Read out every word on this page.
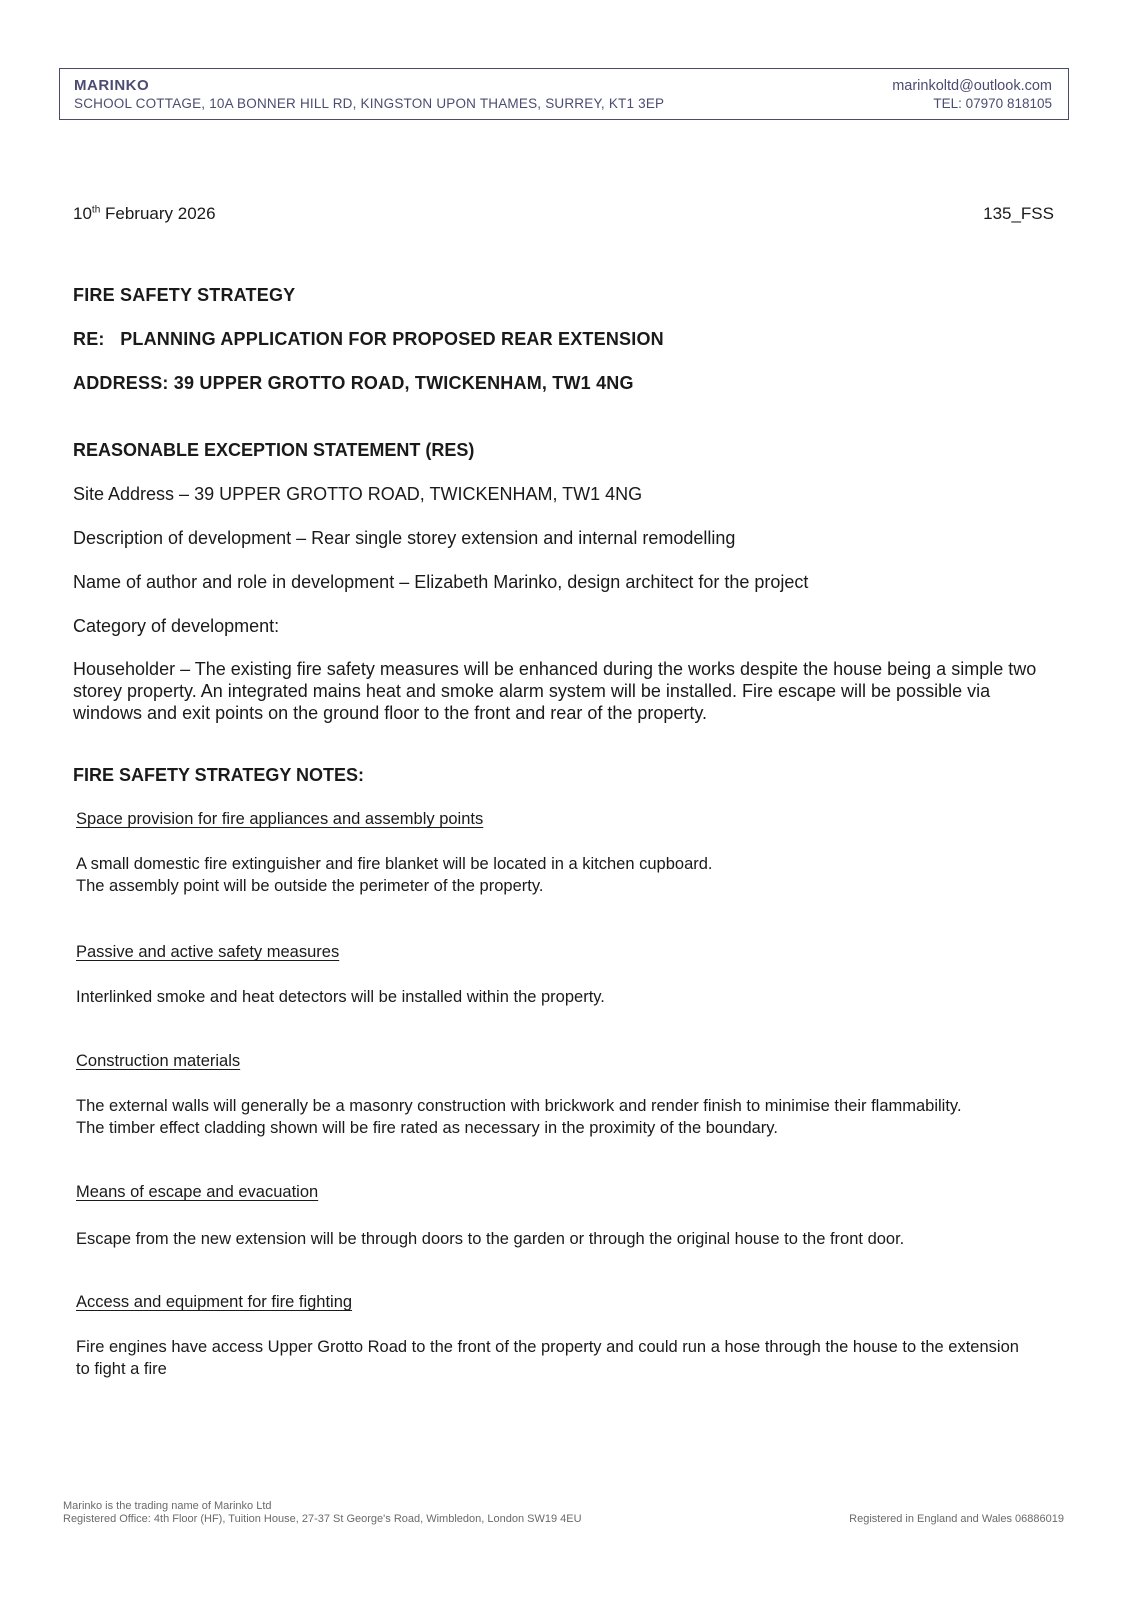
MARINKO
SCHOOL COTTAGE, 10A BONNER HILL RD, KINGSTON UPON THAMES, SURREY, KT1 3EP
marinkoltd@outlook.com
TEL: 07970 818105
10th February 2026	135_FSS
FIRE SAFETY STRATEGY
RE:   PLANNING APPLICATION FOR PROPOSED REAR EXTENSION
ADDRESS: 39 UPPER GROTTO ROAD, TWICKENHAM, TW1 4NG
REASONABLE EXCEPTION STATEMENT (RES)
Site Address – 39 UPPER GROTTO ROAD, TWICKENHAM, TW1 4NG
Description of development – Rear single storey extension and internal remodelling
Name of author and role in development – Elizabeth Marinko, design architect for the project
Category of development:
Householder – The existing fire safety measures will be enhanced during the works despite the house being a simple two storey property. An integrated mains heat and smoke alarm system will be installed. Fire escape will be possible via windows and exit points on the ground floor to the front and rear of the property.
FIRE SAFETY STRATEGY NOTES:
Space provision for fire appliances and assembly points
A small domestic fire extinguisher and fire blanket will be located in a kitchen cupboard.
The assembly point will be outside the perimeter of the property.
Passive and active safety measures
Interlinked smoke and heat detectors will be installed within the property.
Construction materials
The external walls will generally be a masonry construction with brickwork and render finish to minimise their flammability.
The timber effect cladding shown will be fire rated as necessary in the proximity of the boundary.
Means of escape and evacuation
Escape from the new extension will be through doors to the garden or through the original house to the front door.
Access and equipment for fire fighting
Fire engines have access Upper Grotto Road to the front of the property and could run a hose through the house to the extension to fight a fire
Marinko is the trading name of Marinko Ltd
Registered Office: 4th Floor (HF), Tuition House, 27-37 St George's Road, Wimbledon, London SW19 4EU	Registered in England and Wales 06886019
